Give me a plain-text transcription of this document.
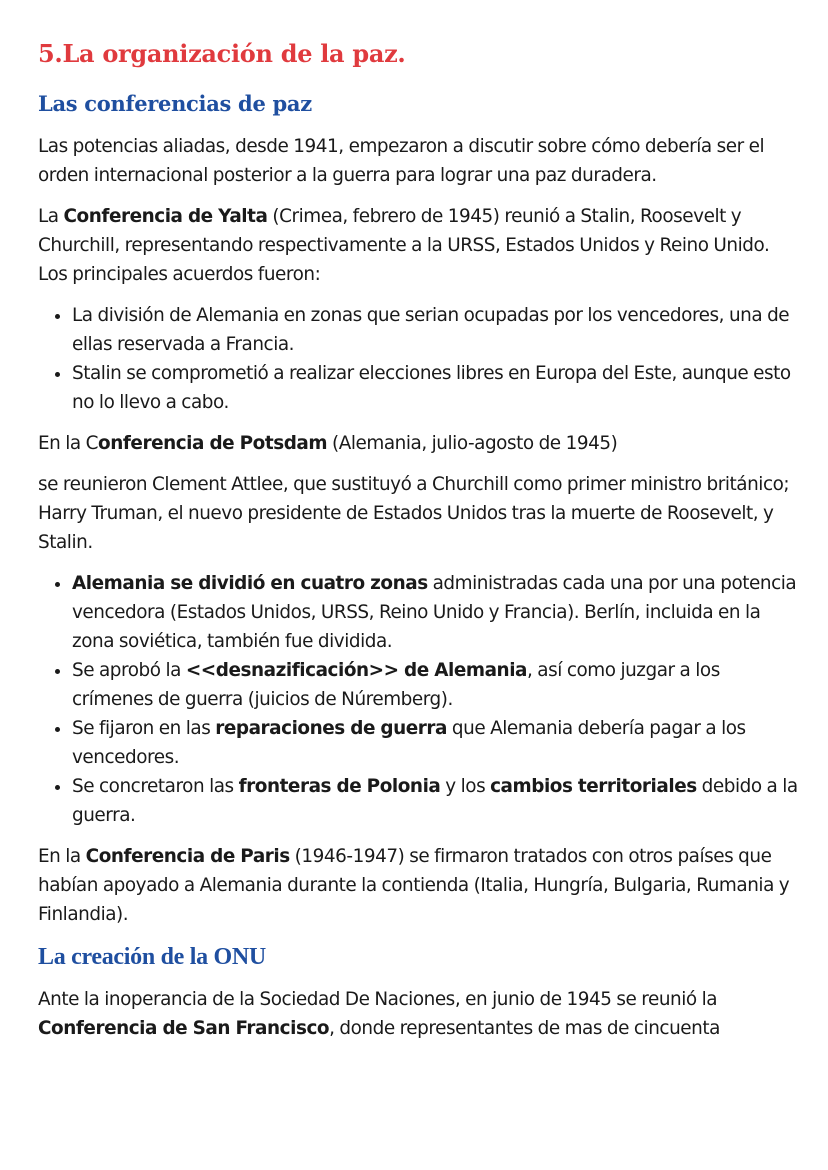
5.La organización de la paz.
Las conferencias de paz

Las potencias aliadas, desde 1941, empezaron a discutir sobre cómo debería ser el orden internacional posterior a la guerra para lograr una paz duradera.

La Conferencia de Yalta (Crimea, febrero de 1945) reunió a Stalin, Roosevelt y Churchill, representando respectivamente a la URSS, Estados Unidos y Reino Unido. Los principales acuerdos fueron:

• La división de Alemania en zonas que serian ocupadas por los vencedores, una de ellas reservada a Francia.
• Stalin se comprometió a realizar elecciones libres en Europa del Este, aunque esto no lo llevo a cabo.

En la Conferencia de Potsdam (Alemania, julio-agosto de 1945)

se reunieron Clement Attlee, que sustituyó a Churchill como primer ministro británico; Harry Truman, el nuevo presidente de Estados Unidos tras la muerte de Roosevelt, y Stalin.

• Alemania se dividió en cuatro zonas administradas cada una por una potencia vencedora (Estados Unidos, URSS, Reino Unido y Francia). Berlín, incluida en la zona soviética, también fue dividida.
• Se aprobó la <<desnazificación>> de Alemania, así como juzgar a los crímenes de guerra (juicios de Núremberg).
• Se fijaron en las reparaciones de guerra que Alemania debería pagar a los vencedores.
• Se concretaron las fronteras de Polonia y los cambios territoriales debido a la guerra.

En la Conferencia de Paris (1946-1947) se firmaron tratados con otros países que habían apoyado a Alemania durante la contienda (Italia, Hungría, Bulgaria, Rumania y Finlandia).

La creación de la ONU

Ante la inoperancia de la Sociedad De Naciones, en junio de 1945 se reunió la Conferencia de San Francisco, donde representantes de mas de cincuenta
